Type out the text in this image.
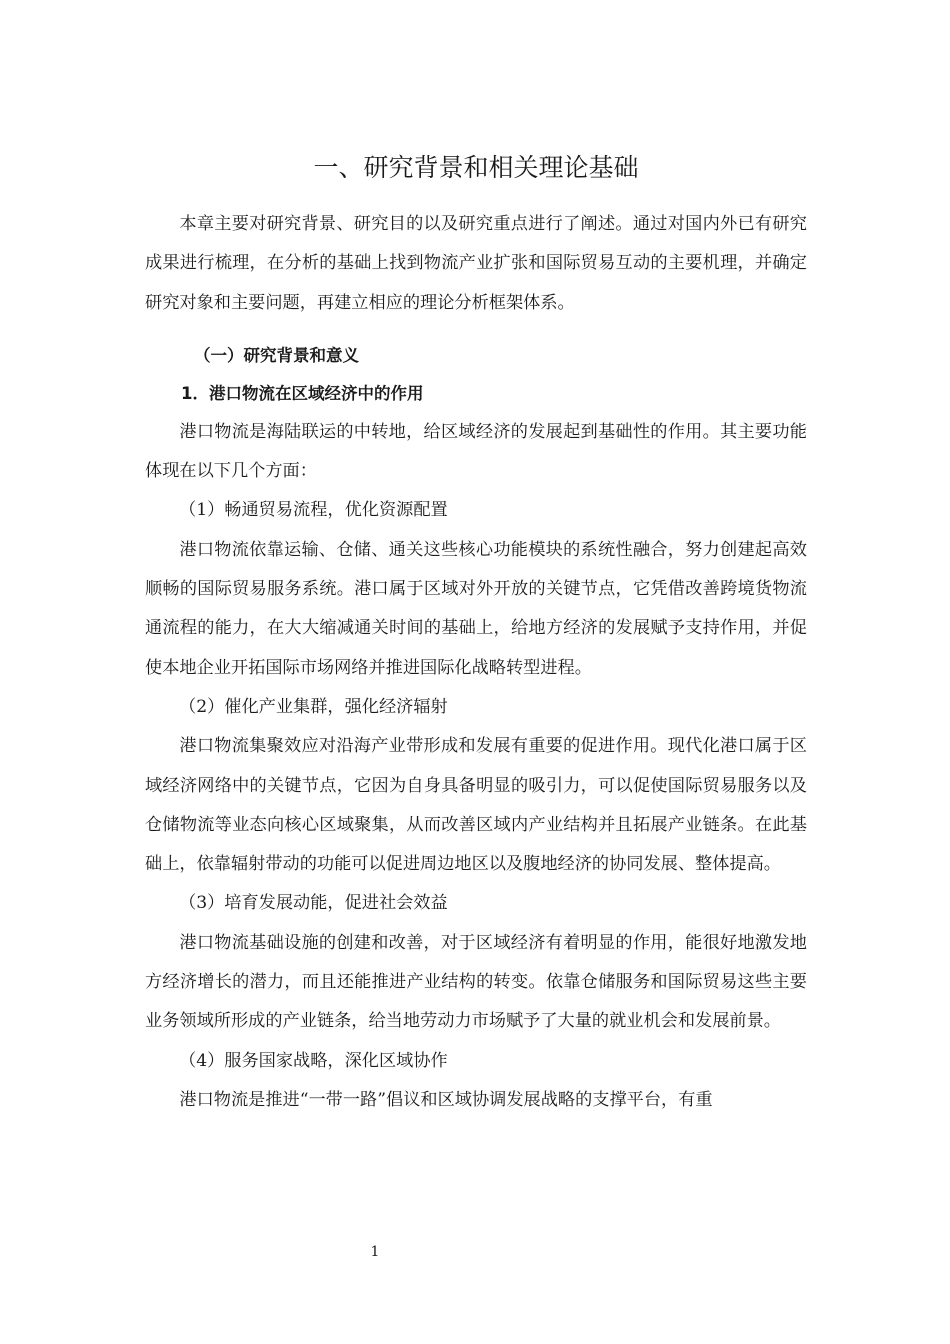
一、研究背景和相关理论基础

本章主要对研究背景、研究目的以及研究重点进行了阐述。通过对国内外已有研究成果进行梳理，在分析的基础上找到物流产业扩张和国际贸易互动的主要机理，并确定研究对象和主要问题，再建立相应的理论分析框架体系。

（一）研究背景和意义

1．港口物流在区域经济中的作用

港口物流是海陆联运的中转地，给区域经济的发展起到基础性的作用。其主要功能体现在以下几个方面：

（1）畅通贸易流程，优化资源配置

港口物流依靠运输、仓储、通关这些核心功能模块的系统性融合，努力创建起高效顺畅的国际贸易服务系统。港口属于区域对外开放的关键节点，它凭借改善跨境货物流通流程的能力，在大大缩减通关时间的基础上，给地方经济的发展赋予支持作用，并促使本地企业开拓国际市场网络并推进国际化战略转型进程。

（2）催化产业集群，强化经济辐射

港口物流集聚效应对沿海产业带形成和发展有重要的促进作用。现代化港口属于区域经济网络中的关键节点，它因为自身具备明显的吸引力，可以促使国际贸易服务以及仓储物流等业态向核心区域聚集，从而改善区域内产业结构并且拓展产业链条。在此基础上，依靠辐射带动的功能可以促进周边地区以及腹地经济的协同发展、整体提高。

（3）培育发展动能，促进社会效益

港口物流基础设施的创建和改善，对于区域经济有着明显的作用，能很好地激发地方经济增长的潜力，而且还能推进产业结构的转变。依靠仓储服务和国际贸易这些主要业务领域所形成的产业链条，给当地劳动力市场赋予了大量的就业机会和发展前景。

（4）服务国家战略，深化区域协作

港口物流是推进“一带一路”倡议和区域协调发展战略的支撑平台，有重

1
